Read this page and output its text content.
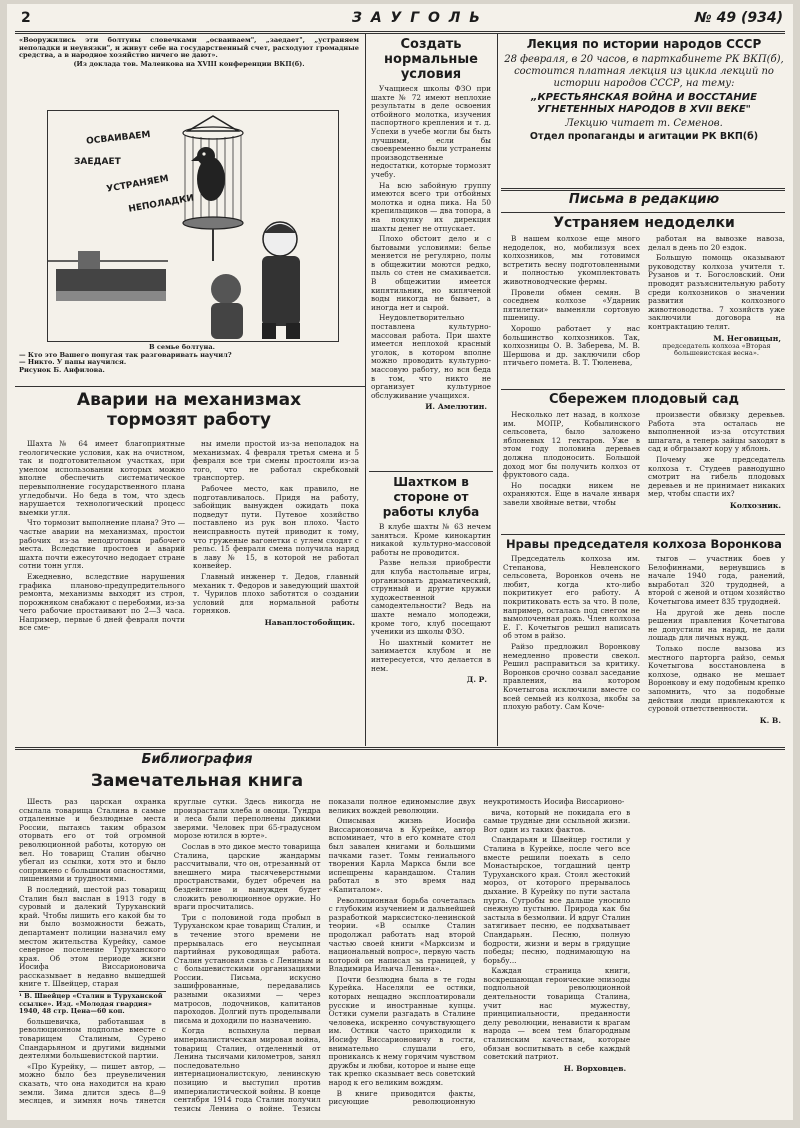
2	З А У Г О Л Ь	№ 49 (934)

«Вооружились эти болтуны словечками „осваиваем", „заедает", „устраняем неполадки и неувязки", и живут себе на государственный счет, расходуют громадные средства, а в народное хозяйство ничего не дают».

(Из доклада тов. Маленкова на XVIII конференции ВКП(б).

ОСВАИВАЕМ
ЗАЕДАЕТ
УСТРАНЯЕМ
НЕПОЛАДКИ

В семье болтуна.

— Кто это Вашего попугая так разговаривать научил?

— Никто. У папы научился.

Рисунок Б. Анфилова.

Аварии на механизмах тормозят работу

Шахта № 64 имеет благоприятные геологические условия, как на очистном, так и подготовительном участках, при умелом использовании которых можно вполне обеспечить систематическое перевыполнение государственного плана угледобычи. Но беда в том, что здесь нарушается технологический процесс выемки угля.

Что тормозит выполнение плана? Это — частые аварии на механизмах, простои рабочих из-за неподготовки рабочего места. Вследствие простоев и аварий шахта почти ежесуточно недодает стране сотни тонн угля.

Ежедневно, вследствие нарушения графика планово-предупредительного ремонта, механизмы выходят из строя, порожняком снабжают с перебоями, из-за чего рабочие простаивают по 2—3 часа. Например, первые 6 дней февраля почти все сме-

ны имели простой из-за неполадок на механизмах. 4 февраля третья смена и 5 февраля все три смены простояли из-за того, что не работал скребковый транспортер.

Рабочее место, как правило, не подготавливалось. Придя на работу, забойщик вынужден ожидать пока подведут пути. Путевое хозяйство поставлено из рук вон плохо. Часто неисправность путей приводит к тому, что груженые вагонетки с углем сходят с рельс. 15 февраля смена получила наряд в лаву № 15, в которой не работал конвейер.

Главный инженер т. Дедов, главный механик т. Федоров и заведующий шахтой т. Чурилов плохо заботятся о создании условий для нормальной работы горняков.

Наваплостобойщик.

Создать нормальные условия

Учащиеся школы ФЗО при шахте № 72 имеют неплохие результаты в деле освоения отбойного молотка, изучения паспортного крепления и т. д. Успехи в учебе могли бы быть лучшими, если бы своевременно были устранены производственные недостатки, которые тормозят учебу.

На всю забойную группу имеются всего три отбойных молотка и одна пика. На 50 крепильщиков — два топора, а на покупку их дирекция шахты денег не отпускает.

Плохо обстоит дело и с бытовыми условиями: белье меняется не регулярно, полы в общежитии моются редко, пыль со стен не смахивается. В общежитии имеется кипятильник, но кипяченой воды никогда не бывает, а иногда нет и сырой.

Неудовлетворительно поставлена культурно-массовая работа. При шахте имеется неплохой красный уголок, в котором вполне можно проводить культурно-массовую работу, но вся беда в том, что никто не организует культурное обслуживание учащихся.

И. Амелютин.

Шахтком в стороне от работы клуба

В клубе шахты № 63 нечем заняться. Кроме кинокартин никакой культурно-массовой работы не проводится.

Разве нельзя приобрести для клуба настольные игры, организовать драматический, струнный и другие кружки художественной самодеятельности? Ведь на шахте немало молодежи, кроме того, клуб посещают ученики из школы ФЗО.

Но шахтный комитет не занимается клубом и не интересуется, что делается в нем.

Д. Р.

Лекция по истории народов СССР

28 февраля, в 20 часов, в парткабинете РК ВКП(б), состоится платная лекция из цикла лекций по истории народов СССР, на тему:

„КРЕСТЬЯНСКАЯ ВОЙНА И ВОССТАНИЕ УГНЕТЕННЫХ НАРОДОВ В XVII ВЕКЕ"

Лекцию читает т. Семенов.

Отдел пропаганды и агитации РК ВКП(б)

Письма в редакцию
Устраняем недоделки

В нашем колхозе еще много недоделок, но, мобилизуя всех колхозников, мы готовимся встретить весну подготовленными и полностью укомплектовать животноводческие фермы.

Провели обмен семян. В соседнем колхозе «Ударник пятилетки» выменяли сортовую пшеницу.

Хорошо работает у нас большинство колхозников. Так, колхозницы О. В. Заберева, М. В. Шершова и др. заключили сбор птичьего помета. В. Т. Тюленева,

работая на вывозке навоза, делал в день по 20 ездок.

Большую помощь оказывают руководству колхоза учителя т. Рузанов и т. Богословский. Они проводят разъяснительную работу среди колхозников о значении развития колхозного животноводства. 7 хозяйств уже заключили договора на контрактацию телят.

М. Неговицын,

председатель колхоза «Вторая большевистская весна».

Сбережем плодовый сад

Несколько лет назад, в колхозе им. МОПР, Кобылинского сельсовета, было заложено яблоневых 12 гектаров. Уже в этом году половина деревьев должна плодоносить. Большой доход мог бы получить колхоз от фруктового сада.

Но посадки никем не охраняются. Еще в начале января завели хвойные ветви, чтобы

произвести обвязку деревьев. Работа эта осталась не выполненной из-за отсутствия шпагата, а теперь зайцы заходят в сад и обгрызают кору у яблонь.

Почему же председатель колхоза т. Студеев равнодушно смотрит на гибель плодовых деревьев и не принимает никаких мер, чтобы спасти их?

Колхозник.

Нравы председателя колхоза Воронкова

Председатель колхоза им. Степанова, Невленского сельсовета, Воронков очень не любит, когда кто-либо покритикует его работу. А покритиковать есть за что. В поле, например, осталась под снегом не вымолоченная рожь. Член колхоза Е. Г. Кочетыгов решил написать об этом в райзо.

Райзо предложил Воронкову немедленно провести свекол. Решил расправиться за критику. Воронков срочно созвал заседание правления, на котором Кочетыгова исключили вместе со всей семьей из колхоза, якобы за плохую работу. Сам Коче-

тыгов — участник боев у Белофиннами, вернувшись в начале 1940 года, ранений, выработал 320 трудодней, а второй с женой и отцом хозяйство Кочетыгова имеет 835 трудодней.

На другой же день после решения правления Кочетыгова не допустили на наряд, не дали лошадь для личных нужд.

Только после вызова из местного парторга райзо, семья Кочетыгова восстановлена в колхозе, однако не мешает Воронкову и ему подобным крепко запомнить, что за подобные действия люди привлекаются к суровой ответственности.

К. В.

Библиография
Замечательная книга

Шесть раз царская охранка ссылала товарища Сталина в самые отдаленные и безлюдные места России, пытаясь таким образом оторвать его от той огромной революционной работы, которую он вел. Но товарищ Сталин обычно убегал из ссылки, хотя это и было сопряжено с большими опасностями, лишениями и трудностями.

В последний, шестой раз товарищ Сталин был выслан в 1913 году в суровый и далекий Туруханский край. Чтобы лишить его какой бы то ни было возможности бежать, департамент полиции назначил ему местом жительства Курейку, самое северное поселение Туруханского края. Об этом периоде жизни Иосифа Виссарионовича рассказывает в недавно вышедшей книге т. Швейцер, старая

¹ В. Швейцер «Сталин в Туруханской ссылке». Изд. «Молодая гвардия» 1940, 48 стр. Цена—60 коп.

большевичка, работавшая в революционном подполье вместе с товарищем Сталиным, Сурено Спандарьяном и другими видными деятелями большевистской партии.

«Про Курейку, — пишет автор, — можно было без преувеличения сказать, что она находится на краю земли. Зима длится здесь 8—9 месяцев, и зимняя ночь тянется круглые сутки. Здесь никогда не произрастали хлеба и овощи. Тундра и леса были переполнены дикими зверями. Человек при 65-градусном морозе ютился в юрте».

Сослав в это дикое место товарища Сталина, царские жандармы рассчитывали, что он, отрезанный от внешнего мира тысячеверстными пространствами, будет обречен на бездействие и вынужден будет сложить революционное оружие. Но враги просчитались.

Три с половиной года пробыл в Туруханском крае товарищ Сталин, и в течение этого времени не прерывалась его неусыпная партийная руководящая работа. Сталин установил связь с Лениным и с большевистскими организациями России. Письма, искусно зашифрованные, передавались разными оказиями — через матросов, лодочников, капитанов пароходов. Долгий путь проделывали письма и доходили по назначению.

Когда вспыхнула первая империалистическая мировая война, товарищ Сталин, отделенный от Ленина тысячами километров, занял последовательно интернационалистскую, ленинскую позицию и выступил против империалистической войны. В конце сентября 1914 года Сталин получил тезисы Ленина о войне. Тезисы показали полное единомыслие двух великих вождей революции.

Описывая жизнь Иосифа Виссарионовича в Курейке, автор вспоминает, что в его комнате стол был завален книгами и большими пачками газет. Томы гениального творения Карла Маркса были все испещрены карандашом. Сталин работал в это время над «Капиталом».

Революционная борьба сочеталась с глубоким изучением и дальнейшей разработкой марксистско-ленинской теории. «В ссылке Сталин продолжал работать над второй частью своей книги «Марксизм и национальный вопрос», первую часть которой он написал за границей, у Владимира Ильича Ленина».

Почти безлюдна была в те годы Курейка. Населяли ее остяки, которых нещадно эксплоатировали русские и иностранные купцы. Остяки сумели разгадать в Сталине человека, искренно сочувствующего им. Остяки часто приходили к Иосифу Виссарионовичу в гости, внимательно слушали его, проникаясь к нему горячим чувством дружбы и любви, которое и ныне еще так крепко сказывает весь советский народ к его великим вождям.

В книге приводятся факты, рисующие революционную неукротимость Иосифа Виссарионо-

вича, который не покидала его в самые трудные дни ссыльной жизни. Вот один из таких фактов.

Спандарьян и Швейцер гостили у Сталина в Курейке, после чего все вместе решили поехать в село Монастырское, тогдашний центр Туруханского края. Стоял жестокий мороз, от которого прерывалось дыхание. В Курейку по пути застала пурга. Сугробы все дальше уносило снежную пустыню. Природа как бы застыла в безмолвии. И вдруг Сталин затягивает песню, ее подхватывает Спандарьян. Песню, полную бодрости, жизни и веры в грядущие победы; песню, поднимающую на борьбу...

Каждая страница книги, воскрешающая героические эпизоды подпольной революционной деятельности товарища Сталина, учит нас мужеству, принципиальности, преданности делу революции, ненависти к врагам народа — всем тем благородным сталинским качествам, которые обязан воспитывать в себе каждый советский патриот.

Н. Ворховцев.
